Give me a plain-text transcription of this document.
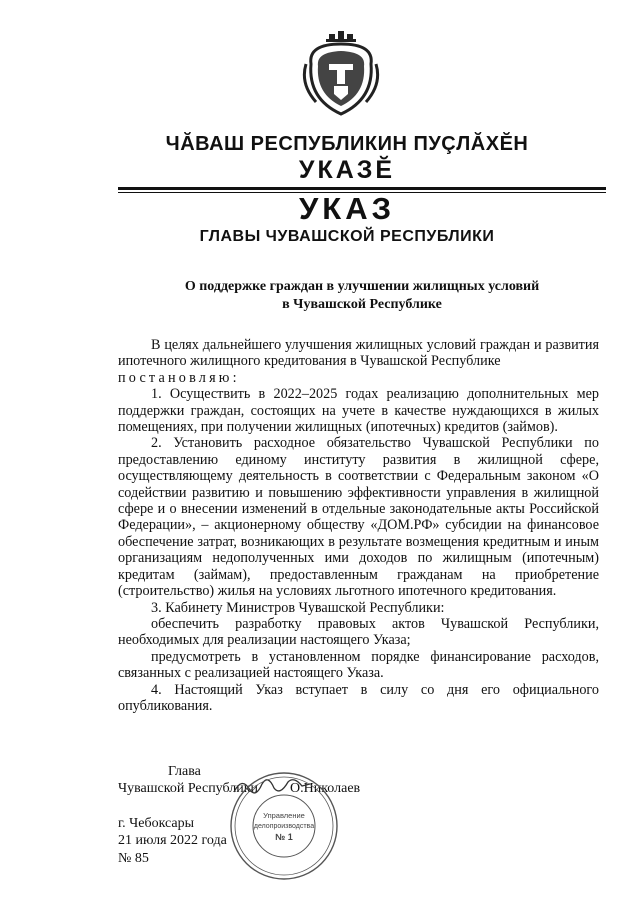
ЧĂВАШ РЕСПУБЛИКИН ПУÇЛĂХĔН
УКАЗĔ
УКАЗ
ГЛАВЫ ЧУВАШСКОЙ РЕСПУБЛИКИ
О поддержке граждан в улучшении жилищных условий
в Чувашской Республике

В целях дальнейшего улучшения жилищных условий граждан и развития ипотечного жилищного кредитования в Чувашской Республике

постановляю:

1. Осуществить в 2022–2025 годах реализацию дополнительных мер поддержки граждан, состоящих на учете в качестве нуждающихся в жилых помещениях, при получении жилищных (ипотечных) кредитов (займов).

2. Установить расходное обязательство Чувашской Республики по предоставлению единому институту развития в жилищной сфере, осуществляющему деятельность в соответствии с Федеральным законом «О содействии развитию и повышению эффективности управления в жилищной сфере и о внесении изменений в отдельные законодательные акты Российской Федерации», – акционерному обществу «ДОМ.РФ» субсидии на финансовое обеспечение затрат, возникающих в результате возмещения кредитным и иным организациям недополученных ими доходов по жилищным (ипотечным) кредитам (займам), предоставленным гражданам на приобретение (строительство) жилья на условиях льготного ипотечного кредитования.

3. Кабинету Министров Чувашской Республики:

обеспечить разработку правовых актов Чувашской Республики, необходимых для реализации настоящего Указа;

предусмотреть в установленном порядке финансирование расходов, связанных с реализацией настоящего Указа.

4. Настоящий Указ вступает в силу со дня его официального опубликования.

Глава
Чувашской Республики О.Николаев
г. Чебоксары
21 июля 2022 года
№ 85
Управление
делопроизводства
№ 1
